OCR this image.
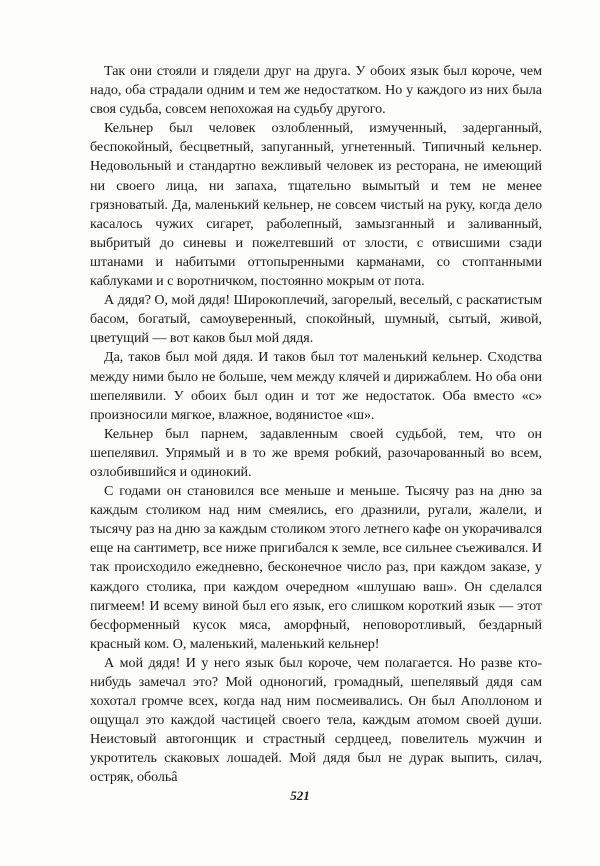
Так они стояли и глядели друг на друга. У обоих язык был короче, чем надо, оба страдали одним и тем же недостатком. Но у каждого из них была своя судьба, совсем непохожая на судьбу другого.

Кельнер был человек озлобленный, измученный, задерганный, беспокойный, бесцветный, запуганный, угнетенный. Типичный кельнер. Недовольный и стандартно вежливый человек из ресторана, не имеющий ни своего лица, ни запаха, тщательно вымытый и тем не менее грязноватый. Да, маленький кельнер, не совсем чистый на руку, когда дело касалось чужих сигарет, раболепный, замызганный и заливанный, выбритый до синевы и пожелтевший от злости, с отвисшими сзади штанами и набитыми оттопыренными карманами, со стоптанными каблуками и с воротничком, постоянно мокрым от пота.

А дядя? О, мой дядя! Широкоплечий, загорелый, веселый, с раскатистым басом, богатый, самоуверенный, спокойный, шумный, сытый, живой, цветущий — вот каков был мой дядя.

Да, таков был мой дядя. И таков был тот маленький кельнер. Сходства между ними было не больше, чем между клячей и дирижаблем. Но оба они шепелявили. У обоих был один и тот же недостаток. Оба вместо «с» произносили мягкое, влажное, водянистое «ш».

Кельнер был парнем, задавленным своей судьбой, тем, что он шепелявил. Упрямый и в то же время робкий, разочарованный во всем, озлобившийся и одинокий.

С годами он становился все меньше и меньше. Тысячу раз на дню за каждым столиком над ним смеялись, его дразнили, ругали, жалели, и тысячу раз на дню за каждым столиком этого летнего кафе он укорачивался еще на сантиметр, все ниже пригибался к земле, все сильнее съеживался. И так происходило ежедневно, бесконечное число раз, при каждом заказе, у каждого столика, при каждом очередном «шлушаю ваш». Он сделался пигмеем! И всему виной был его язык, его слишком короткий язык — этот бесформенный кусок мяса, аморфный, неповоротливый, бездарный красный ком. О, маленький, маленький кельнер!

А мой дядя! И у него язык был короче, чем полагается. Но разве кто-нибудь замечал это? Мой одноногий, громадный, шепелявый дядя сам хохотал громче всех, когда над ним посмеивались. Он был Аполлоном и ощущал это каждой частицей своего тела, каждым атомом своей души. Неистовый автогонщик и страстный сердцеед, повелитель мужчин и укротитель скаковых лошадей. Мой дядя был не дурак выпить, силач, остряк, обольâ

521
